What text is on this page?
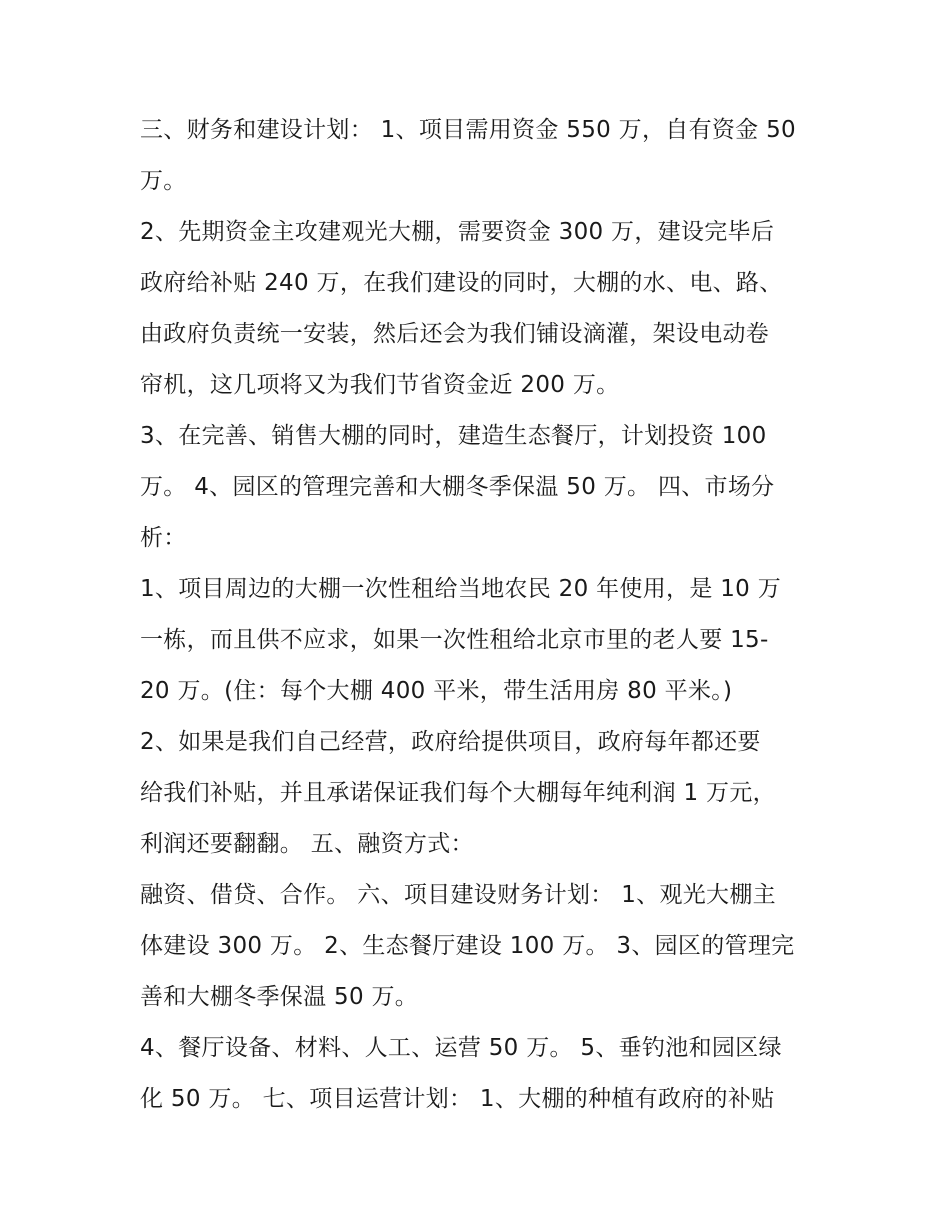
三、财务和建设计划： 1、项目需用资金 550 万，自有资金 50
万。
2、先期资金主攻建观光大棚，需要资金 300 万，建设完毕后
政府给补贴 240 万，在我们建设的同时，大棚的水、电、路、
由政府负责统一安装，然后还会为我们铺设滴灌，架设电动卷
帘机，这几项将又为我们节省资金近 200 万。
3、在完善、销售大棚的同时，建造生态餐厅，计划投资 100
万。 4、园区的管理完善和大棚冬季保温 50 万。 四、市场分
析：
1、项目周边的大棚一次性租给当地农民 20 年使用，是 10 万
一栋，而且供不应求，如果一次性租给北京市里的老人要 15-
20 万。(住：每个大棚 400 平米，带生活用房 80 平米。)
2、如果是我们自己经营，政府给提供项目，政府每年都还要
给我们补贴，并且承诺保证我们每个大棚每年纯利润 1 万元，
利润还要翻翻。 五、融资方式：
融资、借贷、合作。 六、项目建设财务计划： 1、观光大棚主
体建设 300 万。 2、生态餐厅建设 100 万。 3、园区的管理完
善和大棚冬季保温 50 万。
4、餐厅设备、材料、人工、运营 50 万。 5、垂钓池和园区绿
化 50 万。 七、项目运营计划： 1、大棚的种植有政府的补贴
